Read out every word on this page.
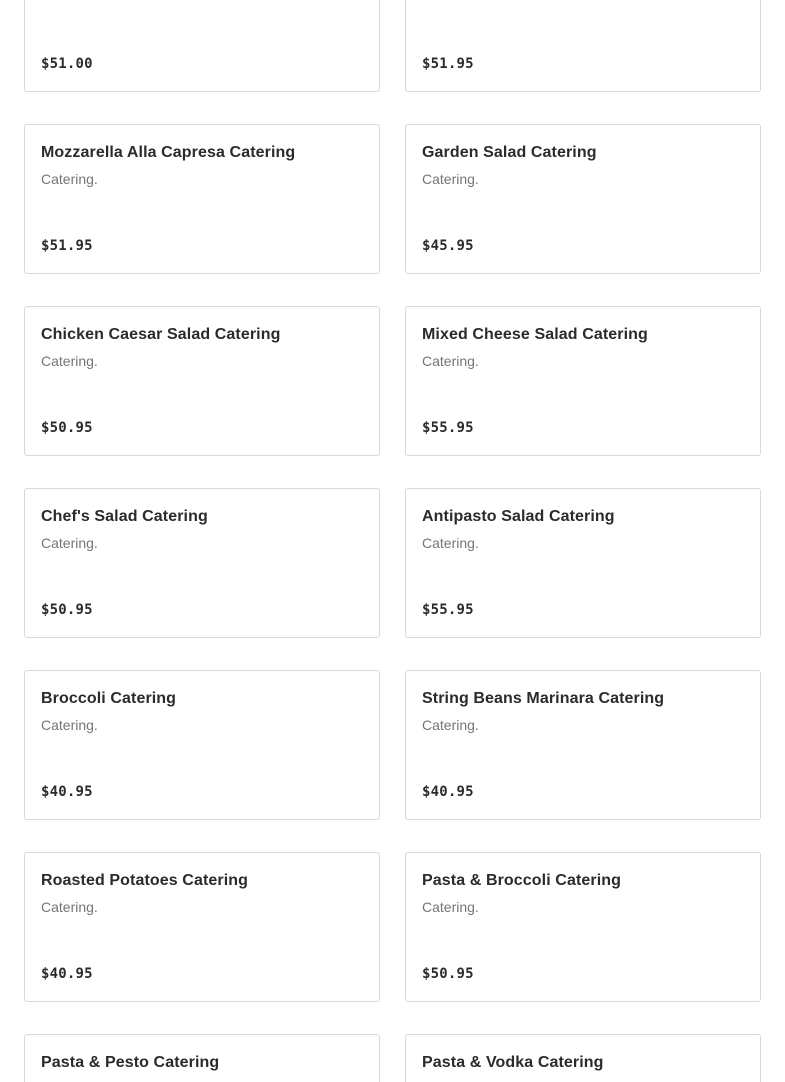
$51.00	$51.95
Mozzarella Alla Capresa Catering
Catering.
$51.95
Garden Salad Catering
Catering.
$45.95
Chicken Caesar Salad Catering
Catering.
$50.95
Mixed Cheese Salad Catering
Catering.
$55.95
Chef's Salad Catering
Catering.
$50.95
Antipasto Salad Catering
Catering.
$55.95
Broccoli Catering
Catering.
$40.95
String Beans Marinara Catering
Catering.
$40.95
Roasted Potatoes Catering
Catering.
$40.95
Pasta & Broccoli Catering
Catering.
$50.95
Pasta & Pesto Catering	Pasta & Vodka Catering
